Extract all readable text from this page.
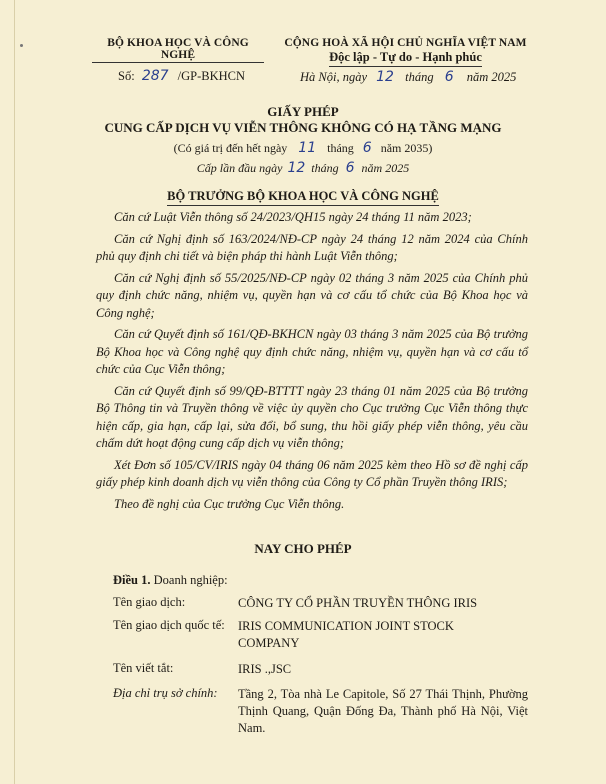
BỘ KHOA HỌC VÀ CÔNG NGHỆ
CỘNG HOÀ XÃ HỘI CHỦ NGHĨA VIỆT NAM
Độc lập - Tự do - Hạnh phúc
Số: 287 /GP-BKHCN	Hà Nội, ngày 12 tháng 6 năm 2025
GIẤY PHÉP
CUNG CẤP DỊCH VỤ VIỄN THÔNG KHÔNG CÓ HẠ TẦNG MẠNG
(Có giá trị đến hết ngày 11 tháng 6 năm 2035)
Cấp lần đầu ngày 12 tháng 6 năm 2025
BỘ TRƯỞNG BỘ KHOA HỌC VÀ CÔNG NGHỆ

Căn cứ Luật Viễn thông số 24/2023/QH15 ngày 24 tháng 11 năm 2023;

Căn cứ Nghị định số 163/2024/NĐ-CP ngày 24 tháng 12 năm 2024 của Chính phủ quy định chi tiết và biện pháp thi hành Luật Viễn thông;

Căn cứ Nghị định số 55/2025/NĐ-CP ngày 02 tháng 3 năm 2025 của Chính phủ quy định chức năng, nhiệm vụ, quyền hạn và cơ cấu tổ chức của Bộ Khoa học và Công nghệ;

Căn cứ Quyết định số 161/QĐ-BKHCN ngày 03 tháng 3 năm 2025 của Bộ trưởng Bộ Khoa học và Công nghệ quy định chức năng, nhiệm vụ, quyền hạn và cơ cấu tổ chức của Cục Viễn thông;

Căn cứ Quyết định số 99/QĐ-BTTTT ngày 23 tháng 01 năm 2025 của Bộ trưởng Bộ Thông tin và Truyền thông về việc ủy quyền cho Cục trưởng Cục Viễn thông thực hiện cấp, gia hạn, cấp lại, sửa đổi, bổ sung, thu hồi giấy phép viễn thông, yêu cầu chấm dứt hoạt động cung cấp dịch vụ viễn thông;

Xét Đơn số 105/CV/IRIS ngày 04 tháng 06 năm 2025 kèm theo Hồ sơ đề nghị cấp giấy phép kinh doanh dịch vụ viễn thông của Công ty Cổ phần Truyền thông IRIS;

Theo đề nghị của Cục trưởng Cục Viễn thông.

NAY CHO PHÉP
Điều 1. Doanh nghiệp:
Tên giao dịch:	CÔNG TY CỔ PHẦN TRUYỀN THÔNG IRIS
Tên giao dịch quốc tế:	IRIS COMMUNICATION JOINT STOCK COMPANY
Tên viết tắt:	IRIS .,JSC
Địa chỉ trụ sở chính:	Tầng 2, Tòa nhà Le Capitole, Số 27 Thái Thịnh, Phường Thịnh Quang, Quận Đống Đa, Thành phố Hà Nội, Việt Nam.
